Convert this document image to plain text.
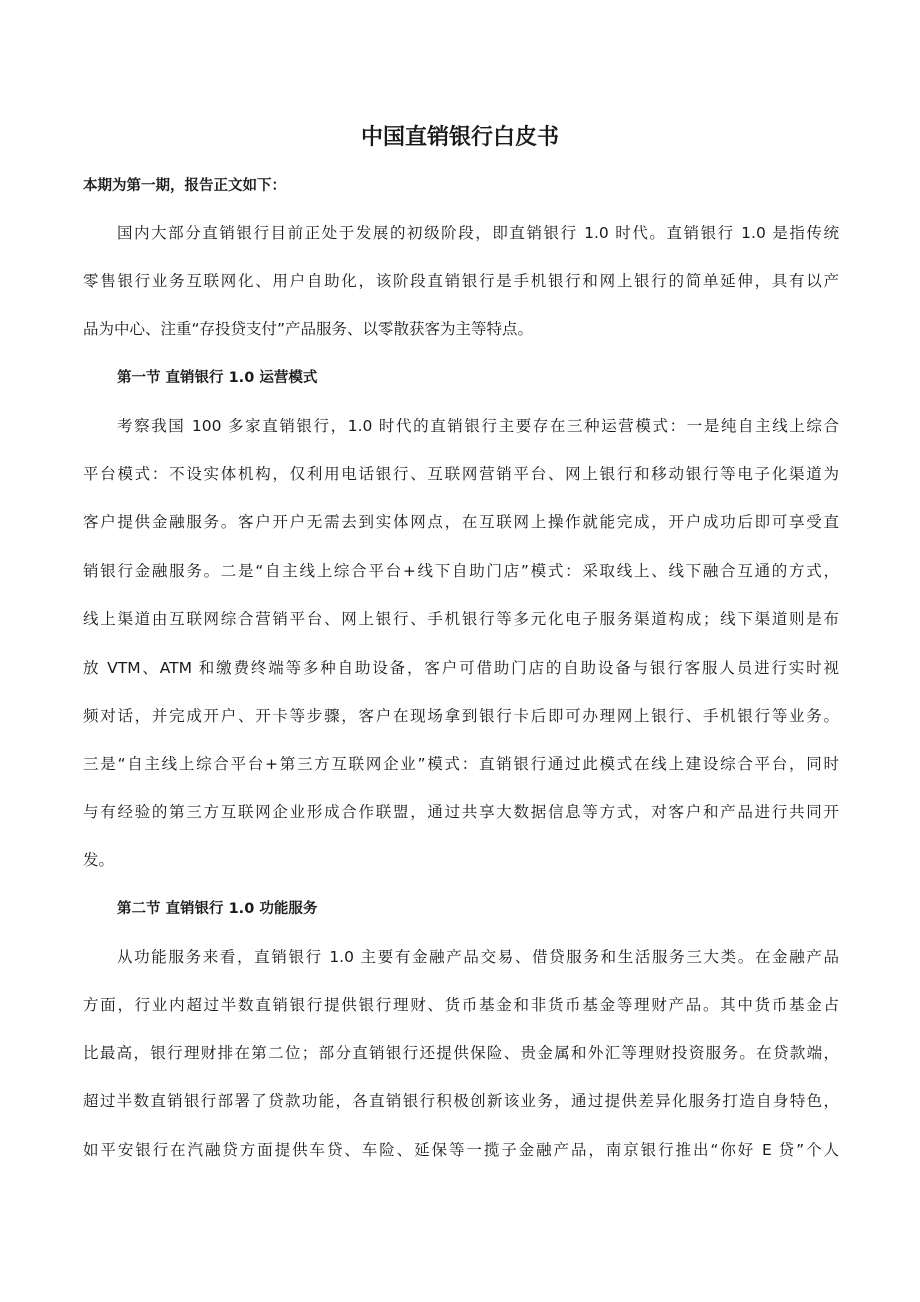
中国直销银行白皮书

本期为第一期，报告正文如下：

国内大部分直销银行目前正处于发展的初级阶段，即直销银行 1.0 时代。直销银行 1.0 是指传统

零售银行业务互联网化、用户自助化，该阶段直销银行是手机银行和网上银行的简单延伸，具有以产

品为中心、注重“存投贷支付”产品服务、以零散获客为主等特点。

第一节 直销银行 1.0 运营模式

考察我国 100 多家直销银行，1.0 时代的直销银行主要存在三种运营模式：一是纯自主线上综合

平台模式：不设实体机构，仅利用电话银行、互联网营销平台、网上银行和移动银行等电子化渠道为

客户提供金融服务。客户开户无需去到实体网点，在互联网上操作就能完成，开户成功后即可享受直

销银行金融服务。二是“自主线上综合平台+线下自助门店”模式：采取线上、线下融合互通的方式，

线上渠道由互联网综合营销平台、网上银行、手机银行等多元化电子服务渠道构成；线下渠道则是布

放 VTM、ATM 和缴费终端等多种自助设备，客户可借助门店的自助设备与银行客服人员进行实时视

频对话，并完成开户、开卡等步骤，客户在现场拿到银行卡后即可办理网上银行、手机银行等业务。

三是“自主线上综合平台+第三方互联网企业”模式：直销银行通过此模式在线上建设综合平台，同时

与有经验的第三方互联网企业形成合作联盟，通过共享大数据信息等方式，对客户和产品进行共同开

发。

第二节 直销银行 1.0 功能服务

从功能服务来看，直销银行 1.0 主要有金融产品交易、借贷服务和生活服务三大类。在金融产品

方面，行业内超过半数直销银行提供银行理财、货币基金和非货币基金等理财产品。其中货币基金占

比最高，银行理财排在第二位；部分直销银行还提供保险、贵金属和外汇等理财投资服务。在贷款端，

超过半数直销银行部署了贷款功能，各直销银行积极创新该业务，通过提供差异化服务打造自身特色，

如平安银行在汽融贷方面提供车贷、车险、延保等一揽子金融产品，南京银行推出“你好 E 贷”个人
